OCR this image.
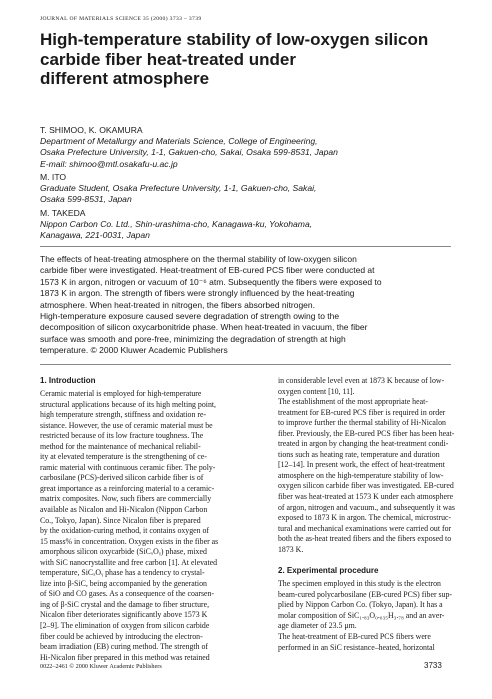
JOURNAL OF MATERIALS SCIENCE 35 (2000) 3733 – 3739
High-temperature stability of low-oxygen silicon
carbide fiber heat-treated under
different atmosphere
T. SHIMOO, K. OKAMURA
Department of Metallurgy and Materials Science, College of Engineering,
Osaka Prefecture University, 1-1, Gakuen-cho, Sakai, Osaka 599-8531, Japan
E-mail: shimoo@mtl.osakafu-u.ac.jp
M. ITO
Graduate Student, Osaka Prefecture University, 1-1, Gakuen-cho, Sakai,
Osaka 599-8531, Japan
M. TAKEDA
Nippon Carbon Co. Ltd., Shin-urashima-cho, Kanagawa-ku, Yokohama,
Kanagawa, 221-0031, Japan
The effects of heat-treating atmosphere on the thermal stability of low-oxygen silicon
carbide fiber were investigated. Heat-treatment of EB-cured PCS fiber were conducted at
1573 K in argon, nitrogen or vacuum of 10⁻⁶ atm. Subsequently the fibers were exposed to
1873 K in argon. The strength of fibers were strongly influenced by the heat-treating
atmosphere. When heat-treated in nitrogen, the fibers absorbed nitrogen.
High-temperature exposure caused severe degradation of strength owing to the
decomposition of silicon oxycarbonitride phase. When heat-treated in vacuum, the fiber
surface was smooth and pore-free, minimizing the degradation of strength at high
temperature. © 2000 Kluwer Academic Publishers
1. Introduction
Ceramic material is employed for high-temperature
structural applications because of its high melting point,
high temperature strength, stiffness and oxidation re-
sistance. However, the use of ceramic material must be
restricted because of its low fracture toughness. The
method for the maintenance of mechanical reliabil-
ity at elevated temperature is the strengthening of ce-
ramic material with continuous ceramic fiber. The poly-
carbosilane (PCS)-derived silicon carbide fiber is of
great importance as a reinforcing material to a ceramic-
matrix composites. Now, such fibers are commercially
available as Nicalon and Hi-Nicalon (Nippon Carbon
Co., Tokyo, Japan). Since Nicalon fiber is prepared
by the oxidation-curing method, it contains oxygen of
15 mass% in concentration. Oxygen exists in the fiber as
amorphous silicon oxycarbide (SiCₓOᵧ) phase, mixed
with SiC nanocrystallite and free carbon [1]. At elevated
temperature, SiCₓOᵧ phase has a tendency to crystal-
lize into β-SiC, being accompanied by the generation
of SiO and CO gases. As a consequence of the coarsen-
ing of β-SiC crystal and the damage to fiber structure,
Nicalon fiber deteriorates significantly above 1573 K
[2–9]. The elimination of oxygen from silicon carbide
fiber could be achieved by introducing the electron-
beam irradiation (EB) curing method. The strength of
Hi-Nicalon fiber prepared in this method was retained
in considerable level even at 1873 K because of low-
oxygen content [10, 11].
The establishment of the most appropriate heat-
treatment for EB-cured PCS fiber is required in order
to improve further the thermal stability of Hi-Nicalon
fiber. Previously, the EB-cured PCS fiber has been heat-
treated in argon by changing the heat-treatment condi-
tions such as heating rate, temperature and duration
[12–14]. In present work, the effect of heat-treatment
atmosphere on the high-temperature stability of low-
oxygen silicon carbide fiber was investigated. EB-cured
fiber was heat-treated at 1573 K under each atmosphere
of argon, nitrogen and vacuum., and subsequently it was
exposed to 1873 K in argon. The chemical, microstruc-
tural and mechanical examinations were carried out for
both the as-heat treated fibers and the fibers exposed to
1873 K.
2. Experimental procedure
The specimen employed in this study is the electron
beam-cured polycarbosilane (EB-cured PCS) fiber sup-
plied by Nippon Carbon Co. (Tokyo, Japan). It has a
molar composition of SiC₁.₈₃O₀.₀₃₅H₃.₇₈ and an aver-
age diameter of 23.5 μm.
The heat-treatment of EB-cured PCS fibers were
performed in an SiC resistance–heated, horizontal
0022–2461 © 2000 Kluwer Academic Publishers	3733
